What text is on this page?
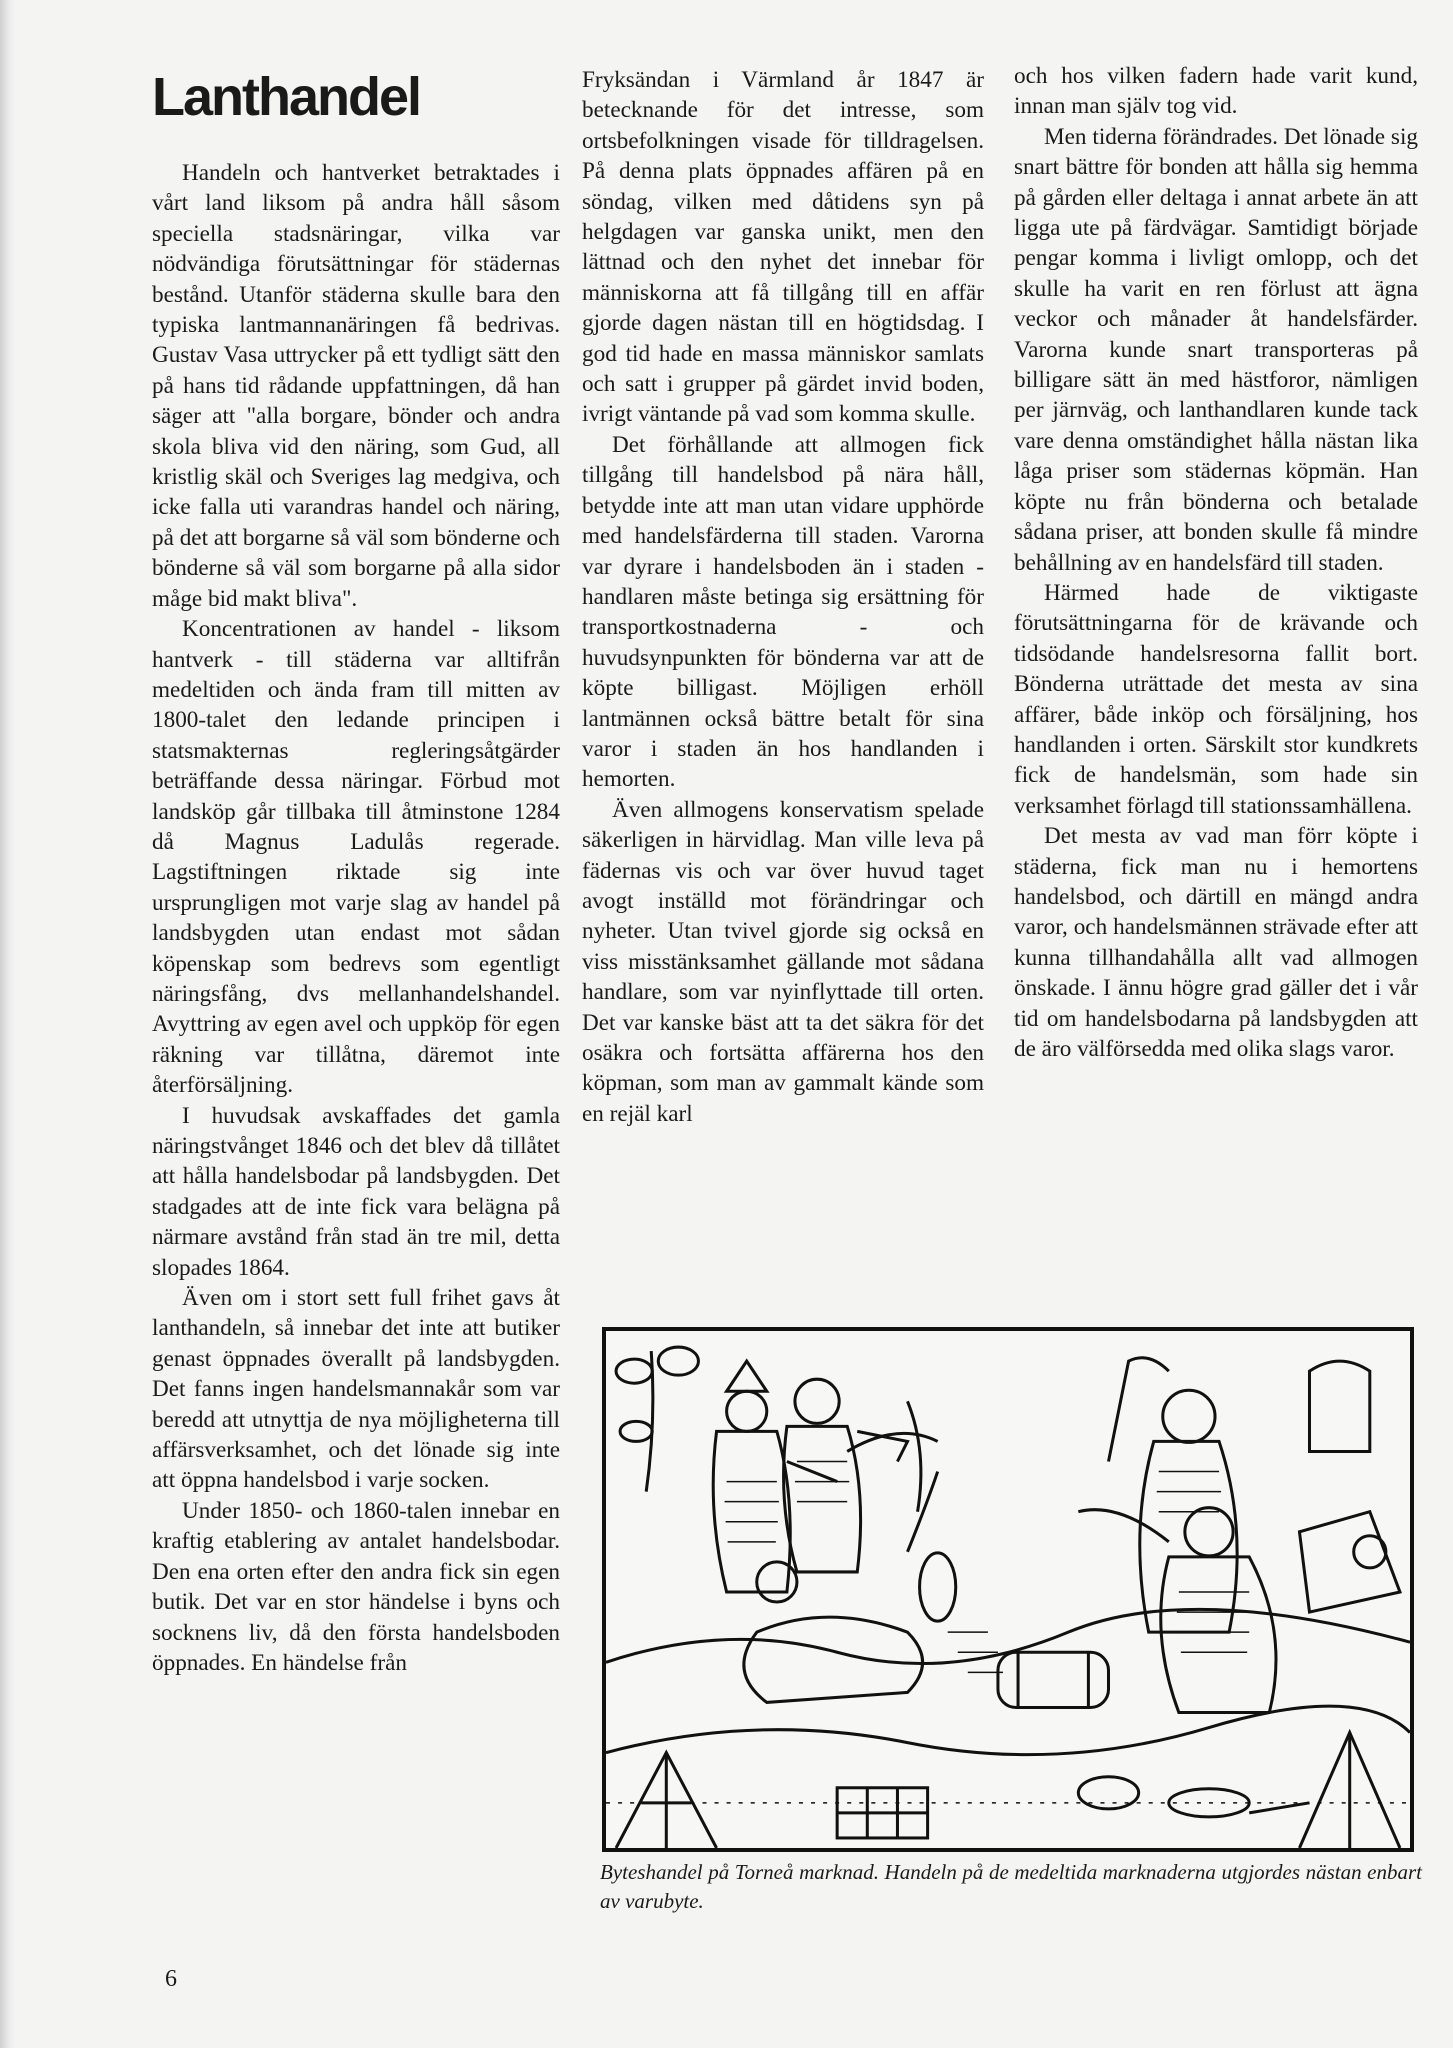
Lanthandel

Handeln och hantverket betraktades i vårt land liksom på andra håll såsom speciella stadsnäringar, vilka var nödvändiga förutsättningar för städernas bestånd. Utanför städerna skulle bara den typiska lantmannanäringen få bedrivas. Gustav Vasa uttrycker på ett tydligt sätt den på hans tid rådande uppfattningen, då han säger att "alla borgare, bönder och andra skola bliva vid den näring, som Gud, all kristlig skäl och Sveriges lag medgiva, och icke falla uti varandras handel och näring, på det att borgarne så väl som bönderne och bönderne så väl som borgarne på alla sidor måge bid makt bliva".

Koncentrationen av handel - liksom hantverk - till städerna var alltifrån medeltiden och ända fram till mitten av 1800-talet den ledande principen i statsmakternas regleringsåtgärder beträffande dessa näringar. Förbud mot landsköp går tillbaka till åtminstone 1284 då Magnus Ladulås regerade. Lagstiftningen riktade sig inte ursprungligen mot varje slag av handel på landsbygden utan endast mot sådan köpenskap som bedrevs som egentligt näringsfång, dvs mellanhandelshandel. Avyttring av egen avel och uppköp för egen räkning var tillåtna, däremot inte återförsäljning.

I huvudsak avskaffades det gamla näringstvånget 1846 och det blev då tillåtet att hålla handelsbodar på landsbygden. Det stadgades att de inte fick vara belägna på närmare avstånd från stad än tre mil, detta slopades 1864.

Även om i stort sett full frihet gavs åt lanthandeln, så innebar det inte att butiker genast öppnades överallt på landsbygden. Det fanns ingen handelsmannakår som var beredd att utnyttja de nya möjligheterna till affärsverksamhet, och det lönade sig inte att öppna handelsbod i varje socken.

Under 1850- och 1860-talen innebar en kraftig etablering av antalet handelsbodar. Den ena orten efter den andra fick sin egen butik. Det var en stor händelse i byns och socknens liv, då den första handelsboden öppnades. En händelse från

Fryksändan i Värmland år 1847 är betecknande för det intresse, som ortsbefolkningen visade för tilldragelsen. På denna plats öppnades affären på en söndag, vilken med dåtidens syn på helgdagen var ganska unikt, men den lättnad och den nyhet det innebar för människorna att få tillgång till en affär gjorde dagen nästan till en högtidsdag. I god tid hade en massa människor samlats och satt i grupper på gärdet invid boden, ivrigt väntande på vad som komma skulle.

Det förhållande att allmogen fick tillgång till handelsbod på nära håll, betydde inte att man utan vidare upphörde med handelsfärderna till staden. Varorna var dyrare i handelsboden än i staden - handlaren måste betinga sig ersättning för transportkostnaderna - och huvudsynpunkten för bönderna var att de köpte billigast. Möjligen erhöll lantmännen också bättre betalt för sina varor i staden än hos handlanden i hemorten.

Även allmogens konservatism spelade säkerligen in härvidlag. Man ville leva på fädernas vis och var över huvud taget avogt inställd mot förändringar och nyheter. Utan tvivel gjorde sig också en viss misstänksamhet gällande mot sådana handlare, som var nyinflyttade till orten. Det var kanske bäst att ta det säkra för det osäkra och fortsätta affärerna hos den köpman, som man av gammalt kände som en rejäl karl

och hos vilken fadern hade varit kund, innan man själv tog vid.

Men tiderna förändrades. Det lönade sig snart bättre för bonden att hålla sig hemma på gården eller deltaga i annat arbete än att ligga ute på färdvägar. Samtidigt började pengar komma i livligt omlopp, och det skulle ha varit en ren förlust att ägna veckor och månader åt handelsfärder. Varorna kunde snart transporteras på billigare sätt än med hästforor, nämligen per järnväg, och lanthandlaren kunde tack vare denna omständighet hålla nästan lika låga priser som städernas köpmän. Han köpte nu från bönderna och betalade sådana priser, att bonden skulle få mindre behållning av en handelsfärd till staden.

Härmed hade de viktigaste förutsättningarna för de krävande och tidsödande handelsresorna fallit bort. Bönderna uträttade det mesta av sina affärer, både inköp och försäljning, hos handlanden i orten. Särskilt stor kundkrets fick de handelsmän, som hade sin verksamhet förlagd till stationssamhällena.

Det mesta av vad man förr köpte i städerna, fick man nu i hemortens handelsbod, och därtill en mängd andra varor, och handelsmännen strävade efter att kunna tillhandahålla allt vad allmogen önskade. I ännu högre grad gäller det i vår tid om handelsbodarna på landsbygden att de äro välförsedda med olika slags varor.

Byteshandel på Torneå marknad. Handeln på de medeltida marknaderna utgjordes nästan enbart av varubyte.

6
